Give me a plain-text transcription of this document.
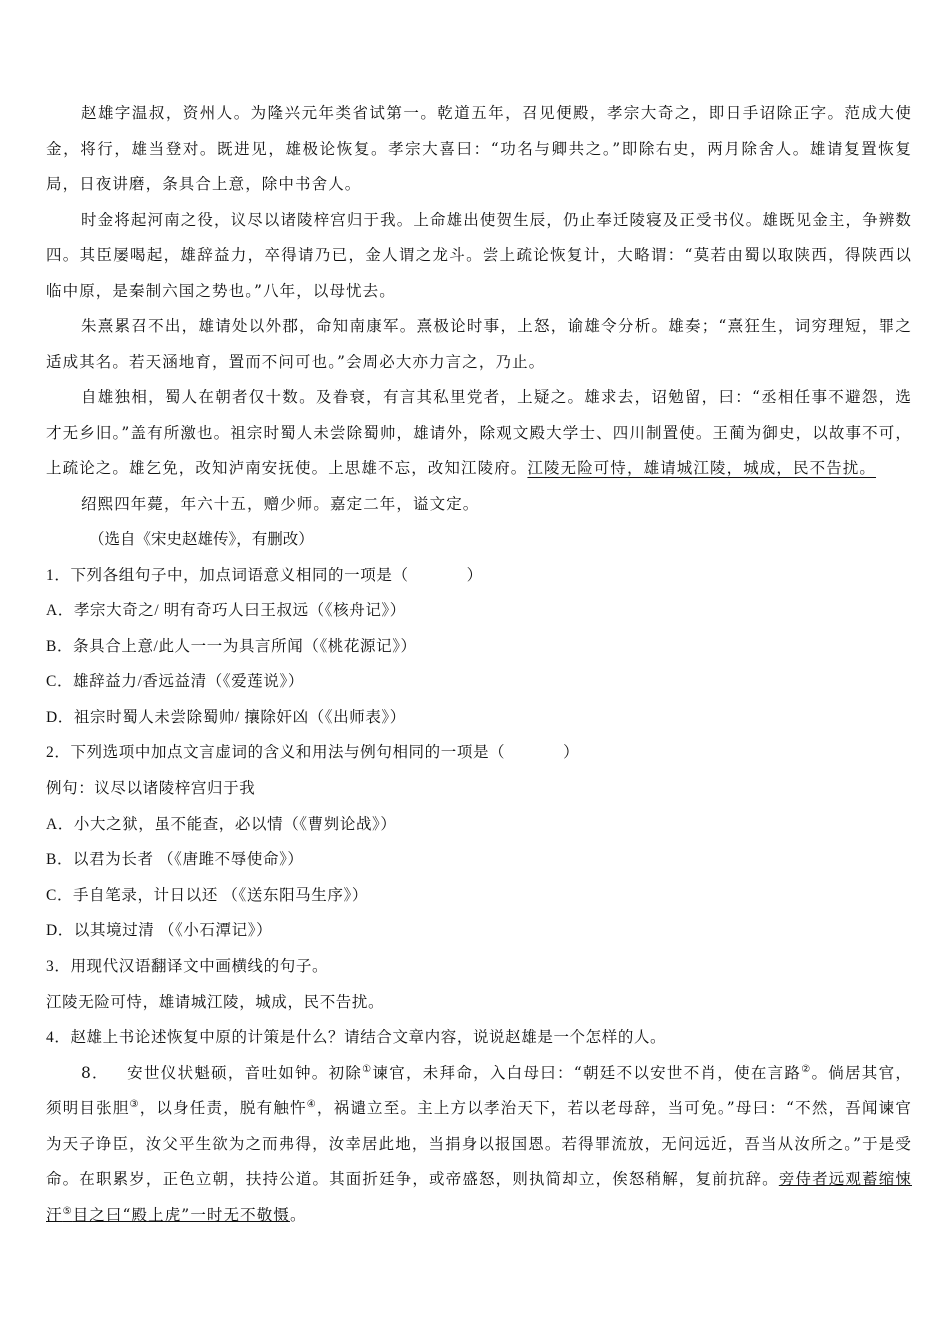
赵雄字温叔，资州人。为隆兴元年类省试第一。乾道五年，召见便殿，孝宗大奇之，即日手诏除正字。范成大使金，将行，雄当登对。既进见，雄极论恢复。孝宗大喜曰：“功名与卿共之。”即除右史，两月除舍人。雄请复置恢复局，日夜讲磨，条具合上意，除中书舍人。

时金将起河南之役，议尽以诸陵梓宫归于我。上命雄出使贺生辰，仍止奉迁陵寝及正受书仪。雄既见金主，争辨数四。其臣屡喝起，雄辞益力，卒得请乃已，金人谓之龙斗。尝上疏论恢复计，大略谓：“莫若由蜀以取陕西，得陕西以临中原，是秦制六国之势也。”八年，以母忧去。

朱熹累召不出，雄请处以外郡，命知南康军。熹极论时事，上怒，谕雄令分析。雄奏；“熹狂生，词穷理短，罪之适成其名。若天涵地育，置而不问可也。”会周必大亦力言之，乃止。

自雄独相，蜀人在朝者仅十数。及眷衰，有言其私里党者，上疑之。雄求去，诏勉留，曰：“丞相任事不避怨，选才无乡旧。”盖有所激也。祖宗时蜀人未尝除蜀帅，雄请外，除观文殿大学士、四川制置使。王蔺为御史，以故事不可，上疏论之。雄乞免，改知泸南安抚使。上思雄不忘，改知江陵府。江陵无险可恃，雄请城江陵，城成，民不告扰。

绍熙四年薨，年六十五，赠少师。嘉定二年，谥文定。

（选自《宋史赵雄传》，有删改）

1．下列各组句子中，加点词语意义相同的一项是（	）

A．孝宗大奇之/ 明有奇巧人曰王叔远（《核舟记》）

B．条具合上意/此人一一为具言所闻（《桃花源记》）

C．雄辞益力/香远益清（《爱莲说》）

D．祖宗时蜀人未尝除蜀帅/ 攘除奸凶（《出师表》）

2．下列选项中加点文言虚词的含义和用法与例句相同的一项是（	）

例句：议尽以诸陵梓宫归于我

A．小大之狱，虽不能查，必以情（《曹刿论战》）

B．以君为长者 （《唐雎不辱使命》）

C．手自笔录，计日以还 （《送东阳马生序》）

D．以其境过清 （《小石潭记》）

3．用现代汉语翻译文中画横线的句子。

江陵无险可恃，雄请城江陵，城成，民不告扰。

4．赵雄上书论述恢复中原的计策是什么？请结合文章内容，说说赵雄是一个怎样的人。

8． 安世仪状魁硕，音吐如钟。初除①谏官，未拜命，入白母曰：“朝廷不以安世不肖，使在言路②。倘居其官，须明目张胆③，以身任责，脱有触忤④，祸谴立至。主上方以孝治天下，若以老母辞，当可免。”母曰：“不然，吾闻谏官为天子诤臣，汝父平生欲为之而弗得，汝幸居此地，当捐身以报国恩。若得罪流放，无问远近，吾当从汝所之。”于是受命。在职累岁，正色立朝，扶持公道。其面折廷争，或帝盛怒，则执简却立，俟怒稍解，复前抗辞。旁侍者远观蓄缩悚汗⑤目之曰“殿上虎”一时无不敬慑。
